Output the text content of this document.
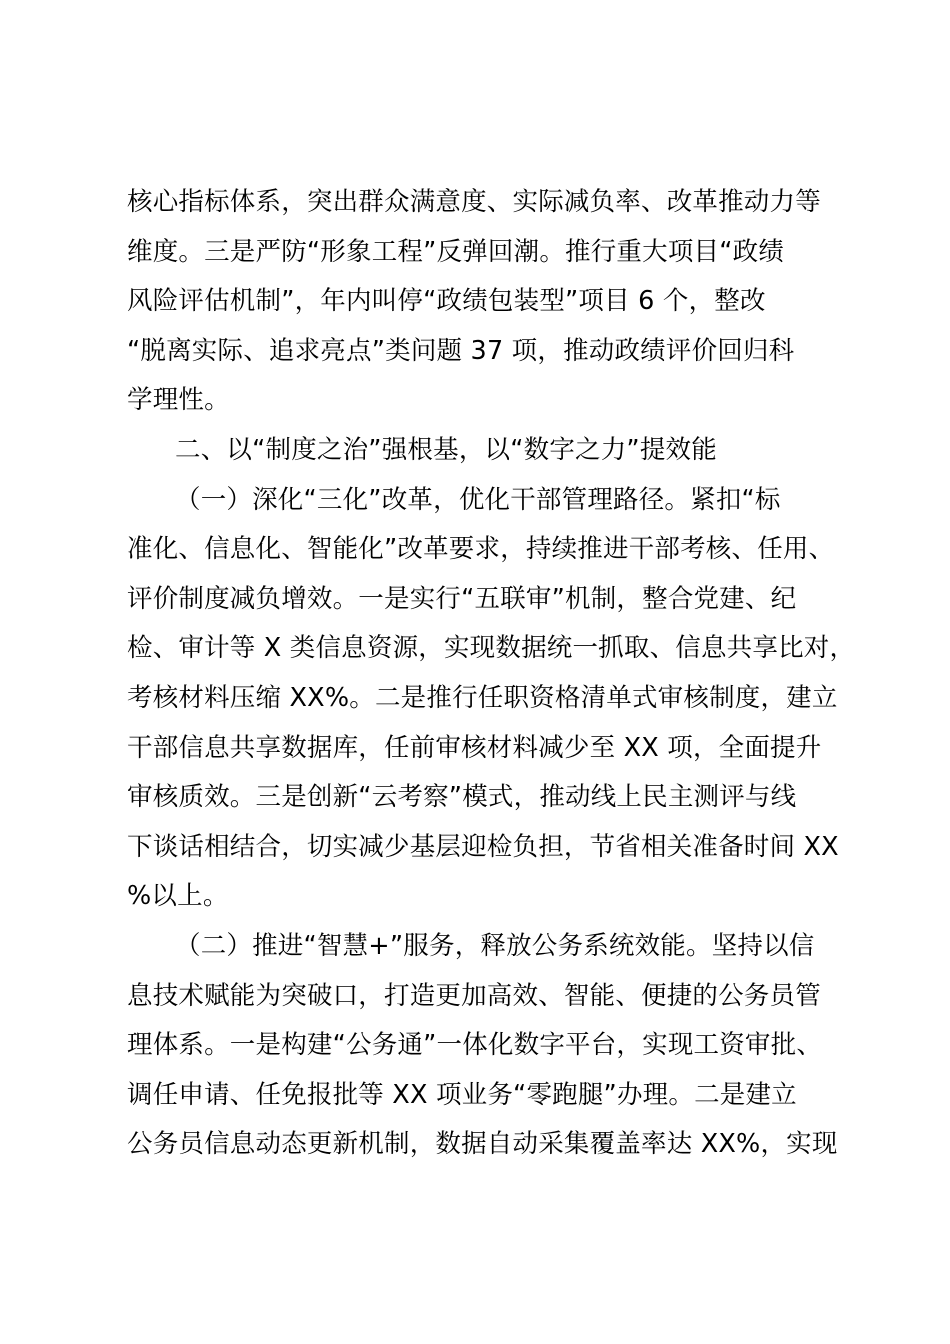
核心指标体系，突出群众满意度、实际减负率、改革推动力等
维度。三是严防“形象工程”反弹回潮。推行重大项目“政绩
风险评估机制”，年内叫停“政绩包装型”项目 6 个，整改
“脱离实际、追求亮点”类问题 37 项，推动政绩评价回归科
学理性。
二、以“制度之治”强根基，以“数字之力”提效能
（一）深化“三化”改革，优化干部管理路径。紧扣“标
准化、信息化、智能化”改革要求，持续推进干部考核、任用、
评价制度减负增效。一是实行“五联审”机制，整合党建、纪
检、审计等 X 类信息资源，实现数据统一抓取、信息共享比对，
考核材料压缩 XX%。二是推行任职资格清单式审核制度，建立
干部信息共享数据库，任前审核材料减少至 XX 项，全面提升
审核质效。三是创新“云考察”模式，推动线上民主测评与线
下谈话相结合，切实减少基层迎检负担，节省相关准备时间 XX
%以上。
（二）推进“智慧+”服务，释放公务系统效能。坚持以信
息技术赋能为突破口，打造更加高效、智能、便捷的公务员管
理体系。一是构建“公务通”一体化数字平台，实现工资审批、
调任申请、任免报批等 XX 项业务“零跑腿”办理。二是建立
公务员信息动态更新机制，数据自动采集覆盖率达 XX%，实现
